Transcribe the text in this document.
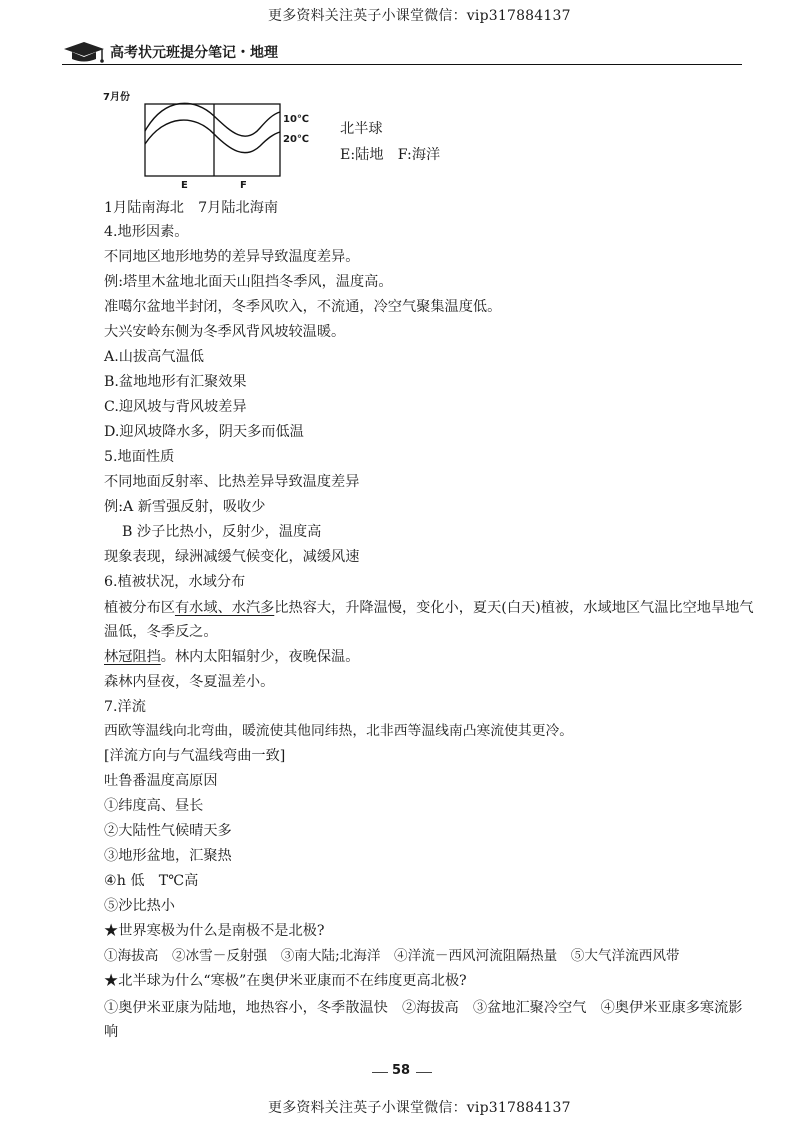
更多资料关注英子小课堂微信：vip317884137
更多资料关注英子小课堂微信：vip317884137
高考状元班提分笔记・地理
7月份
10℃
20℃
E	F
北半球
E:陆地　F:海洋
1月陆南海北　7月陆北海南
4.地形因素。
不同地区地形地势的差异导致温度差异。
例:塔里木盆地北面天山阻挡冬季风，温度高。
准噶尔盆地半封闭，冬季风吹入，不流通，冷空气聚集温度低。
大兴安岭东侧为冬季风背风坡较温暖。
A.山拔高气温低
B.盆地地形有汇聚效果
C.迎风坡与背风坡差异
D.迎风坡降水多，阴天多而低温
5.地面性质
不同地面反射率、比热差异导致温度差异
例:A 新雪强反射，吸收少
B 沙子比热小，反射少，温度高
现象表现，绿洲减缓气候变化，减缓风速
6.植被状况，水域分布
植被分布区有水域、水汽多比热容大，升降温慢，变化小，夏天(白天)植被，水域地区气温比空地旱地气温低，冬季反之。
林冠阻挡。林内太阳辐射少，夜晚保温。
森林内昼夜，冬夏温差小。
7.洋流
西欧等温线向北弯曲，暖流使其他同纬热，北非西等温线南凸寒流使其更冷。
[洋流方向与气温线弯曲一致]
吐鲁番温度高原因
①纬度高、昼长
②大陆性气候晴天多
③地形盆地，汇聚热
④h 低　T℃高
⑤沙比热小
★世界寒极为什么是南极不是北极?
①海拔高　②冰雪－反射强　③南大陆;北海洋　④洋流－西风河流阻隔热量　⑤大气洋流西风带
★北半球为什么“寒极”在奥伊米亚康而不在纬度更高北极?
①奥伊米亚康为陆地，地热容小，冬季散温快　②海拔高　③盆地汇聚冷空气　④奥伊米亚康多寒流影响
58
